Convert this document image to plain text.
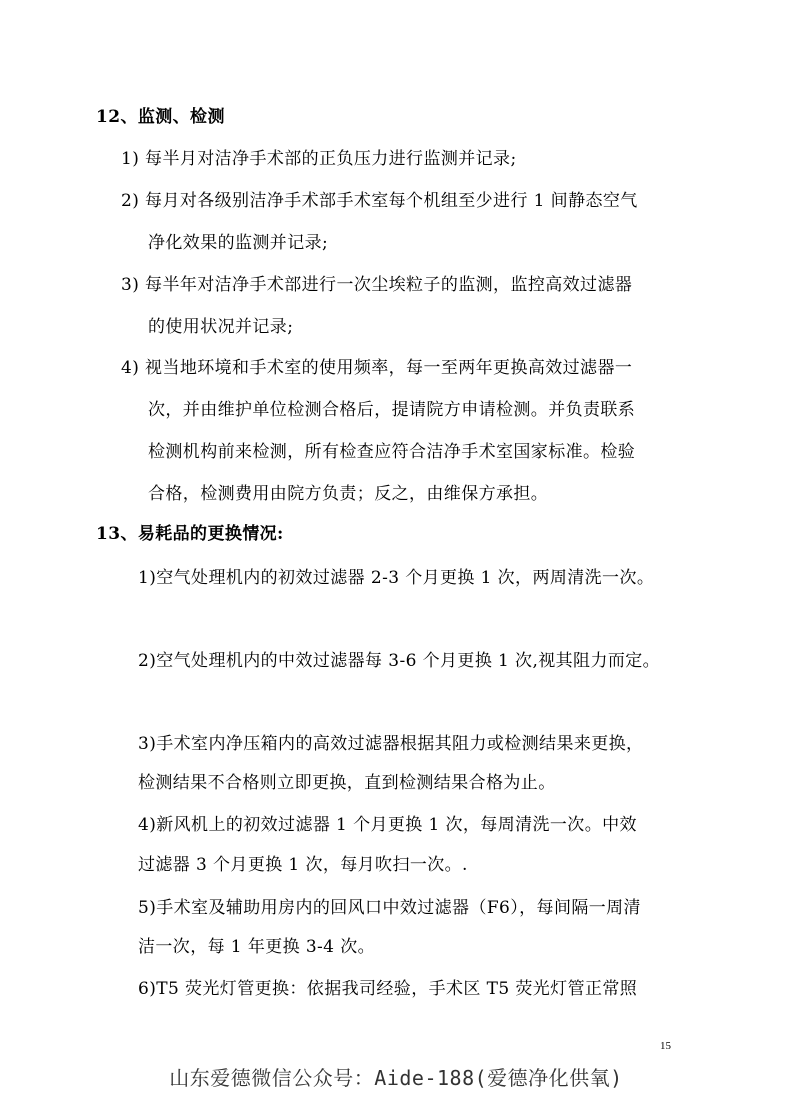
12、监测、检测
1) 每半月对洁净手术部的正负压力进行监测并记录;
2) 每月对各级别洁净手术部手术室每个机组至少进行 1 间静态空气
净化效果的监测并记录;
3) 每半年对洁净手术部进行一次尘埃粒子的监测，监控高效过滤器
的使用状况并记录;
4) 视当地环境和手术室的使用频率，每一至两年更换高效过滤器一
次，并由维护单位检测合格后，提请院方申请检测。并负责联系
检测机构前来检测，所有检查应符合洁净手术室国家标准。检验
合格，检测费用由院方负责；反之，由维保方承担。
13、易耗品的更换情况:
1)空气处理机内的初效过滤器 2-3 个月更换 1 次，两周清洗一次。
2)空气处理机内的中效过滤器每 3-6 个月更换 1 次,视其阻力而定。
3)手术室内净压箱内的高效过滤器根据其阻力或检测结果来更换，
检测结果不合格则立即更换，直到检测结果合格为止。
4)新风机上的初效过滤器 1 个月更换 1 次，每周清洗一次。中效
过滤器 3 个月更换 1 次，每月吹扫一次。.
5)手术室及辅助用房内的回风口中效过滤器（F6），每间隔一周清
洁一次，每 1 年更换 3-4 次。
6)T5 荧光灯管更换：依据我司经验，手术区 T5 荧光灯管正常照
15
山东爱德微信公众号：Aide-188(爱德净化供氧)
